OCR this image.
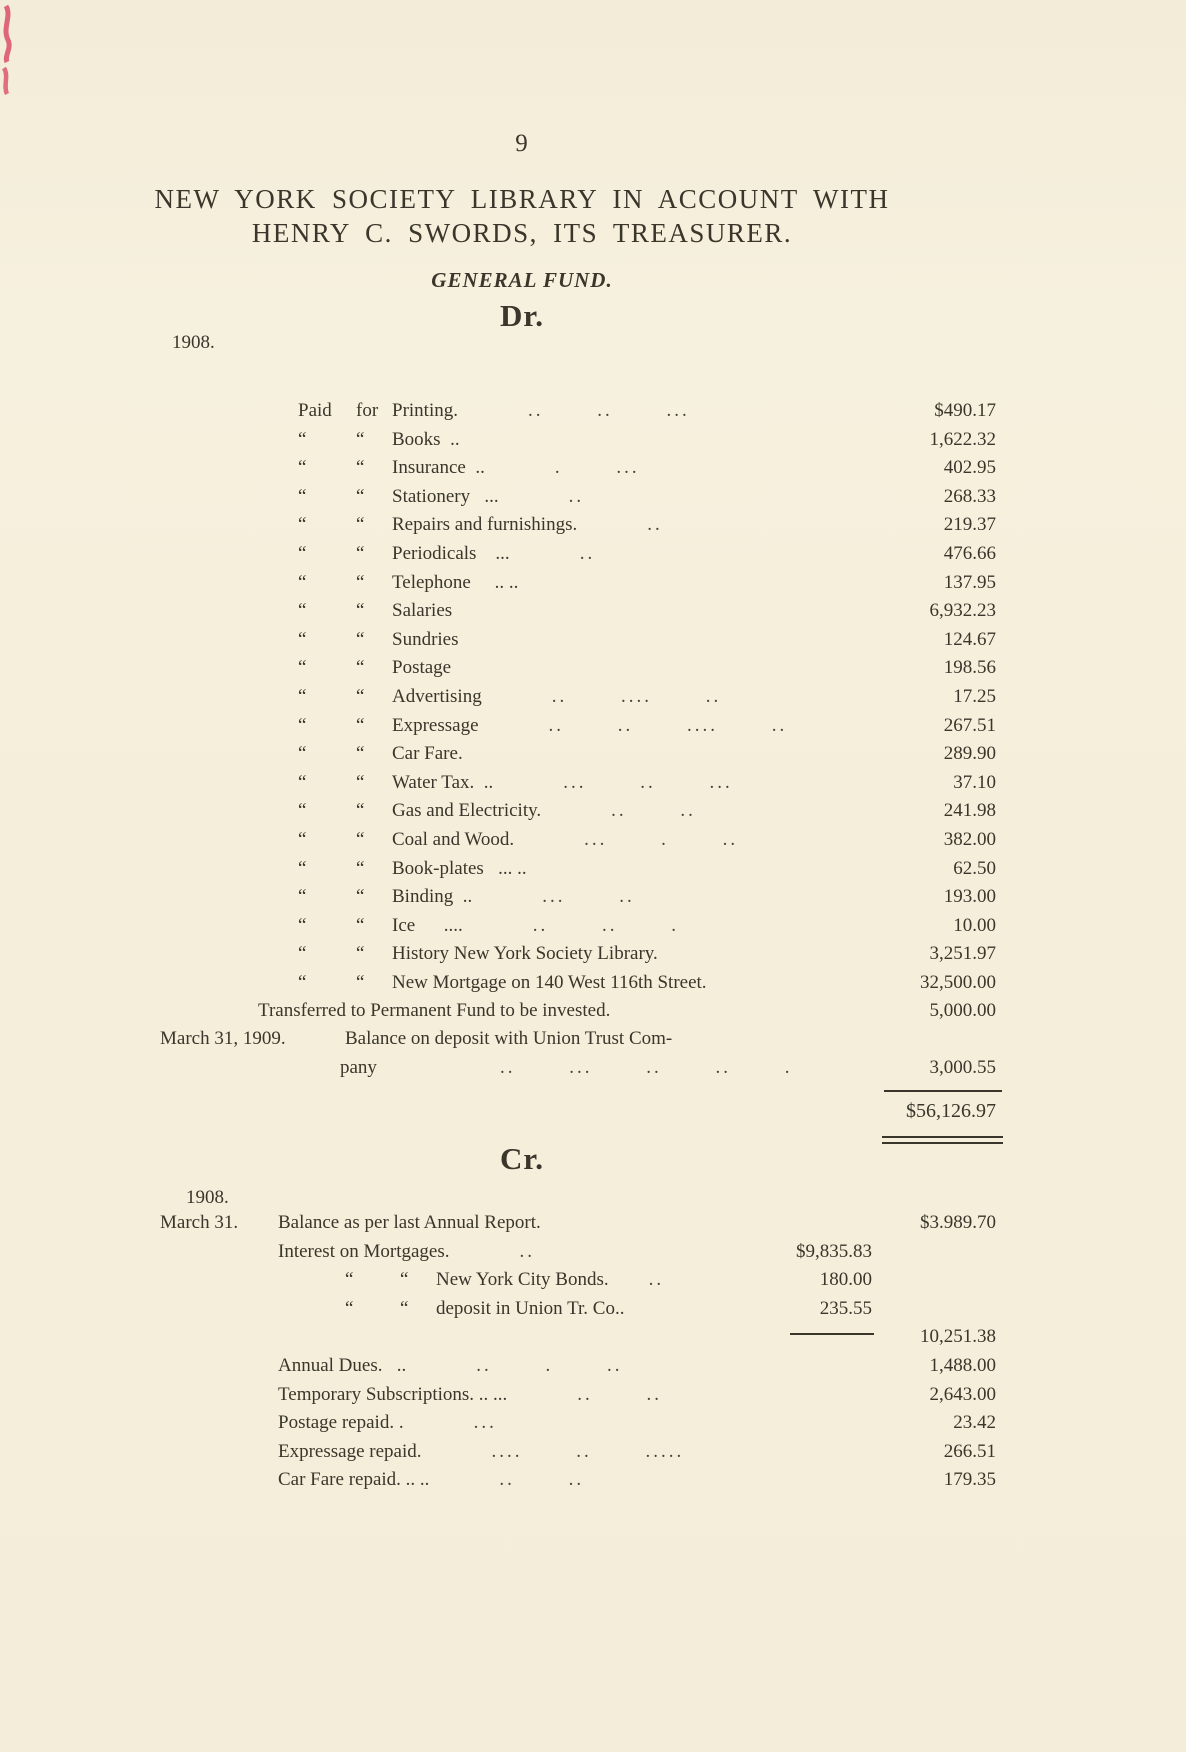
9
NEW YORK SOCIETY LIBRARY IN ACCOUNT WITH
HENRY C. SWORDS, ITS TREASURER.
GENERAL FUND.
Dr.
1908.
Paid for Printing.	.. .. ...	$490.17
“	“ Books  ..	1,622.32
“	“ Insurance  ..	. ...	402.95
“	“ Stationery   ...	..	268.33
“	“ Repairs and furnishings.	..	219.37
“	“ Periodicals    ...	..	476.66
“	“ Telephone     .. ..	137.95
“	“ Salaries	6,932.23
“	“ Sundries	124.67
“	“ Postage	198.56
“	“ Advertising	.. .... ..	17.25
“	“ Expressage	.. .. .... ..	267.51
“	“ Car Fare.	289.90
“	“ Water Tax.  ..	... .. ...	37.10
“	“ Gas and Electricity.	.. ..	241.98
“	“ Coal and Wood.	... . ..	382.00
“	“ Book-plates   ... ..	62.50
“	“ Binding  ..	... ..	193.00
“	“ Ice      ....	.. .. .	10.00
“	“ History New York Society Library.	3,251.97
“	“ New Mortgage on 140 West 116th Street.	32,500.00
Transferred to Permanent Fund to be invested.	5,000.00
March 31, 1909.	Balance on deposit with Union Trust Com-
pany	.. ... .. .. .	3,000.55
$56,126.97
Cr.
1908.
March 31. Balance as per last Annual Report.	$3.989.70
Interest on Mortgages.	..	$9,835.83
“ “ New York City Bonds. ..	180.00
“ “ deposit in Union Tr. Co..	235.55
10,251.38
Annual Dues.   ..	.. . ..	1,488.00
Temporary Subscriptions. .. ...	.. ..	2,643.00
Postage repaid. .	...	23.42
Expressage repaid.	.... .. .....	266.51
Car Fare repaid. .. ..	.. ..	179.35
